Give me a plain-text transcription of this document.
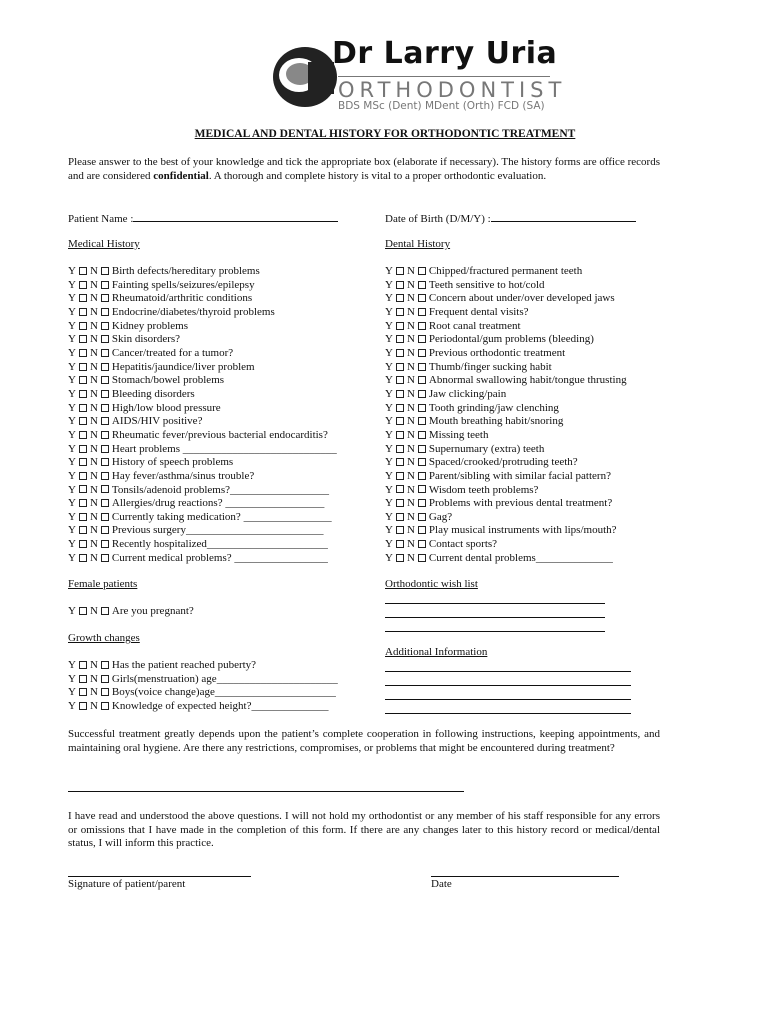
Dr Larry Uria
ORTHODONTIST
BDS MSc (Dent) MDent (Orth) FCD (SA)
MEDICAL AND DENTAL HISTORY FOR ORTHODONTIC TREATMENT
Please answer to the best of your knowledge and tick the appropriate box (elaborate if necessary). The history forms are office records and are considered confidential. A thorough and complete history is vital to a proper orthodontic evaluation.
Patient Name :	Date of Birth (D/M/Y) :
Medical History	Dental History
Y N Birth defects/hereditary problems
Y N Fainting spells/seizures/epilepsy
Y N Rheumatoid/arthritic conditions
Y N Endocrine/diabetes/thyroid problems
Y N Kidney problems
Y N Skin disorders?
Y N Cancer/treated for a tumor?
Y N Hepatitis/jaundice/liver problem
Y N Stomach/bowel problems
Y N Bleeding disorders
Y N High/low blood pressure
Y N AIDS/HIV positive?
Y N Rheumatic fever/previous bacterial endocarditis?
Y N Heart problems ____________________________
Y N History of speech problems
Y N Hay fever/asthma/sinus trouble?
Y N Tonsils/adenoid problems?__________________
Y N Allergies/drug reactions? __________________
Y N Currently taking medication? ________________
Y N Previous surgery_________________________
Y N Recently hospitalized______________________
Y N Current medical problems? _________________
Y N Chipped/fractured permanent teeth
Y N Teeth sensitive to hot/cold
Y N Concern about under/over developed jaws
Y N Frequent dental visits?
Y N Root canal treatment
Y N Periodontal/gum problems (bleeding)
Y N Previous orthodontic treatment
Y N Thumb/finger sucking habit
Y N Abnormal swallowing habit/tongue thrusting
Y N Jaw clicking/pain
Y N Tooth grinding/jaw clenching
Y N Mouth breathing habit/snoring
Y N Missing teeth
Y N Supernumary (extra) teeth
Y N Spaced/crooked/protruding teeth?
Y N Parent/sibling with similar facial pattern?
Y N Wisdom teeth problems?
Y N Problems with previous dental treatment?
Y N Gag?
Y N Play musical instruments with lips/mouth?
Y N Contact sports?
Y N Current dental problems______________
Female patients
Y N Are you pregnant?
Growth changes
Y N Has the patient reached puberty?
Y N Girls(menstruation) age______________________
Y N Boys(voice change)age______________________
Y N Knowledge of expected height?______________
Orthodontic wish list
Additional Information
Successful treatment greatly depends upon the patient’s complete cooperation in following instructions, keeping appointments, and maintaining oral hygiene. Are there any restrictions, compromises, or problems that might be encountered during treatment?
I have read and understood the above questions. I will not hold my orthodontist or any member of his staff responsible for any errors or omissions that I have made in the completion of this form. If there are any changes later to this history record or medical/dental status, I will inform this practice.
Signature of patient/parent	Date
